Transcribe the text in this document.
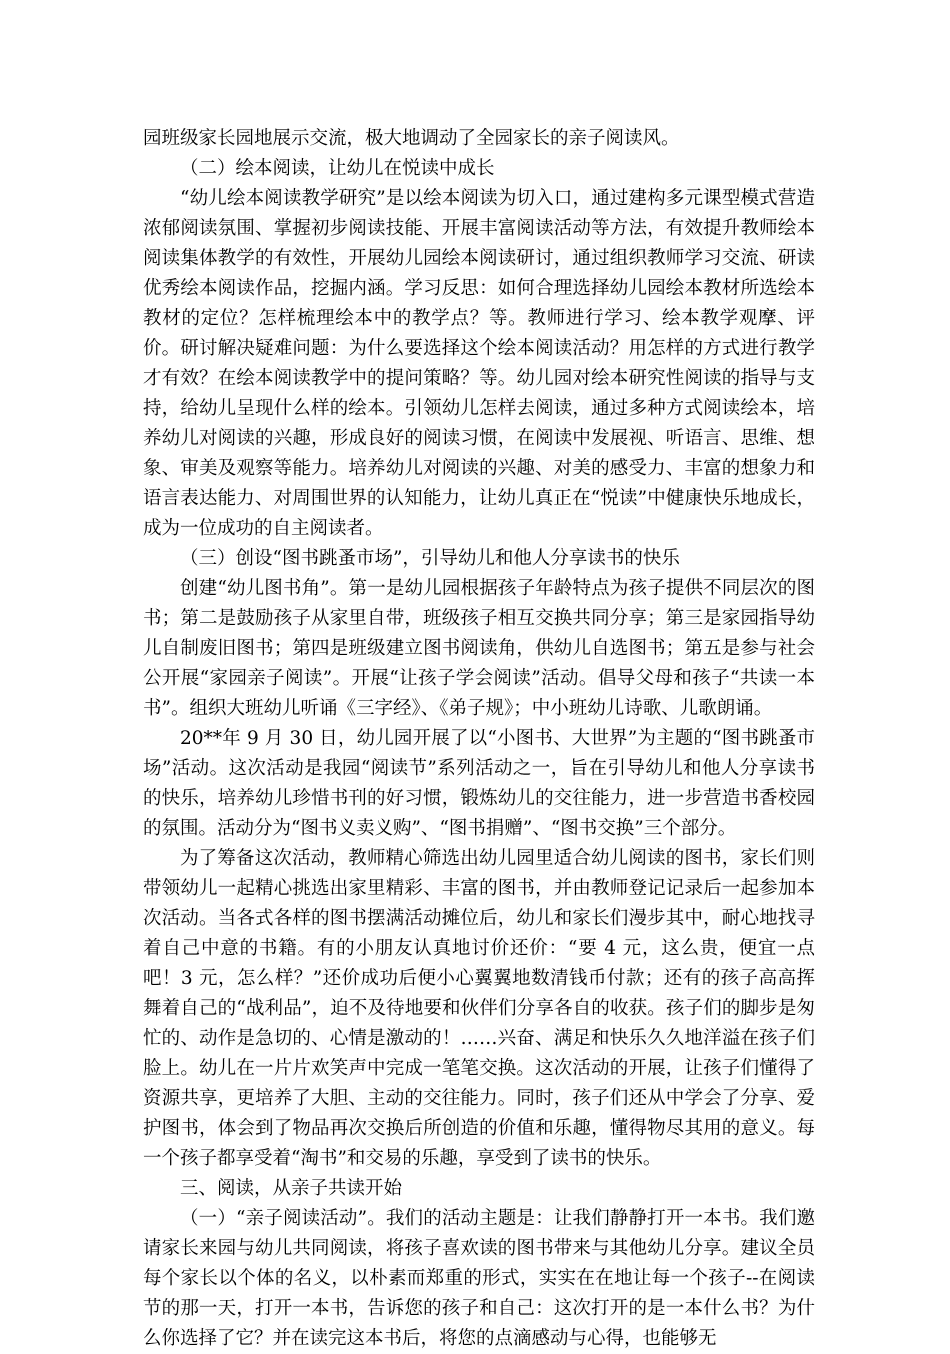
园班级家长园地展示交流，极大地调动了全园家长的亲子阅读风。

（二）绘本阅读，让幼儿在悦读中成长

“幼儿绘本阅读教学研究”是以绘本阅读为切入口，通过建构多元课型模式营造浓郁阅读氛围、掌握初步阅读技能、开展丰富阅读活动等方法，有效提升教师绘本阅读集体教学的有效性，开展幼儿园绘本阅读研讨，通过组织教师学习交流、研读优秀绘本阅读作品，挖掘内涵。学习反思：如何合理选择幼儿园绘本教材所选绘本教材的定位？怎样梳理绘本中的教学点？等。教师进行学习、绘本教学观摩、评价。研讨解决疑难问题：为什么要选择这个绘本阅读活动？用怎样的方式进行教学才有效？在绘本阅读教学中的提问策略？等。幼儿园对绘本研究性阅读的指导与支持，给幼儿呈现什么样的绘本。引领幼儿怎样去阅读，通过多种方式阅读绘本，培养幼儿对阅读的兴趣，形成良好的阅读习惯，在阅读中发展视、听语言、思维、想象、审美及观察等能力。培养幼儿对阅读的兴趣、对美的感受力、丰富的想象力和语言表达能力、对周围世界的认知能力，让幼儿真正在“悦读”中健康快乐地成长，成为一位成功的自主阅读者。

（三）创设“图书跳蚤市场”，引导幼儿和他人分享读书的快乐

创建“幼儿图书角”。第一是幼儿园根据孩子年龄特点为孩子提供不同层次的图书；第二是鼓励孩子从家里自带，班级孩子相互交换共同分享；第三是家园指导幼儿自制废旧图书；第四是班级建立图书阅读角，供幼儿自选图书；第五是参与社会公开展“家园亲子阅读”。开展“让孩子学会阅读”活动。倡导父母和孩子“共读一本书”。组织大班幼儿听诵《三字经》、《弟子规》；中小班幼儿诗歌、儿歌朗诵。

20**年 9 月 30 日，幼儿园开展了以“小图书、大世界”为主题的“图书跳蚤市场”活动。这次活动是我园“阅读节”系列活动之一，旨在引导幼儿和他人分享读书的快乐，培养幼儿珍惜书刊的好习惯，锻炼幼儿的交往能力，进一步营造书香校园的氛围。活动分为“图书义卖义购”、“图书捐赠”、“图书交换”三个部分。

为了筹备这次活动，教师精心筛选出幼儿园里适合幼儿阅读的图书，家长们则带领幼儿一起精心挑选出家里精彩、丰富的图书，并由教师登记记录后一起参加本次活动。当各式各样的图书摆满活动摊位后，幼儿和家长们漫步其中，耐心地找寻着自己中意的书籍。有的小朋友认真地讨价还价：“要 4 元，这么贵，便宜一点吧！3 元，怎么样？”还价成功后便小心翼翼地数清钱币付款；还有的孩子高高挥舞着自己的“战利品”，迫不及待地要和伙伴们分享各自的收获。孩子们的脚步是匆忙的、动作是急切的、心情是激动的！……兴奋、满足和快乐久久地洋溢在孩子们脸上。幼儿在一片片欢笑声中完成一笔笔交换。这次活动的开展，让孩子们懂得了资源共享，更培养了大胆、主动的交往能力。同时，孩子们还从中学会了分享、爱护图书，体会到了物品再次交换后所创造的价值和乐趣，懂得物尽其用的意义。每一个孩子都享受着“淘书”和交易的乐趣，享受到了读书的快乐。

三、阅读，从亲子共读开始

（一）“亲子阅读活动”。我们的活动主题是：让我们静静打开一本书。我们邀请家长来园与幼儿共同阅读，将孩子喜欢读的图书带来与其他幼儿分享。建议全员每个家长以个体的名义，以朴素而郑重的形式，实实在在地让每一个孩子--在阅读节的那一天，打开一本书，告诉您的孩子和自己：这次打开的是一本什么书？为什么你选择了它？并在读完这本书后，将您的点滴感动与心得，也能够无
